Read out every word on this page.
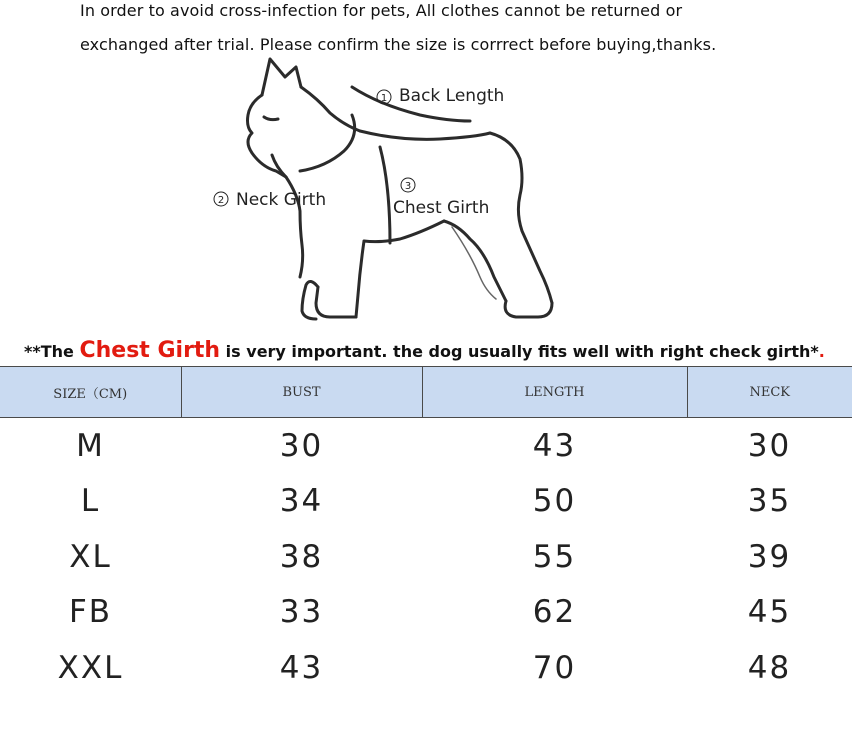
In order to avoid cross-infection for pets, All clothes cannot be returned or
exchanged after trial. Please confirm the size is corrrect before buying,thanks.
1 Back Length
2 Neck Girth
3
Chest Girth
**The Chest Girth is very important. the dog usually fits well with right check girth*.
SIZE（CM)	BUST	LENGTH	NECK
M	30	43	30
L	34	50	35
XL	38	55	39
FB	33	62	45
XXL	43	70	48
